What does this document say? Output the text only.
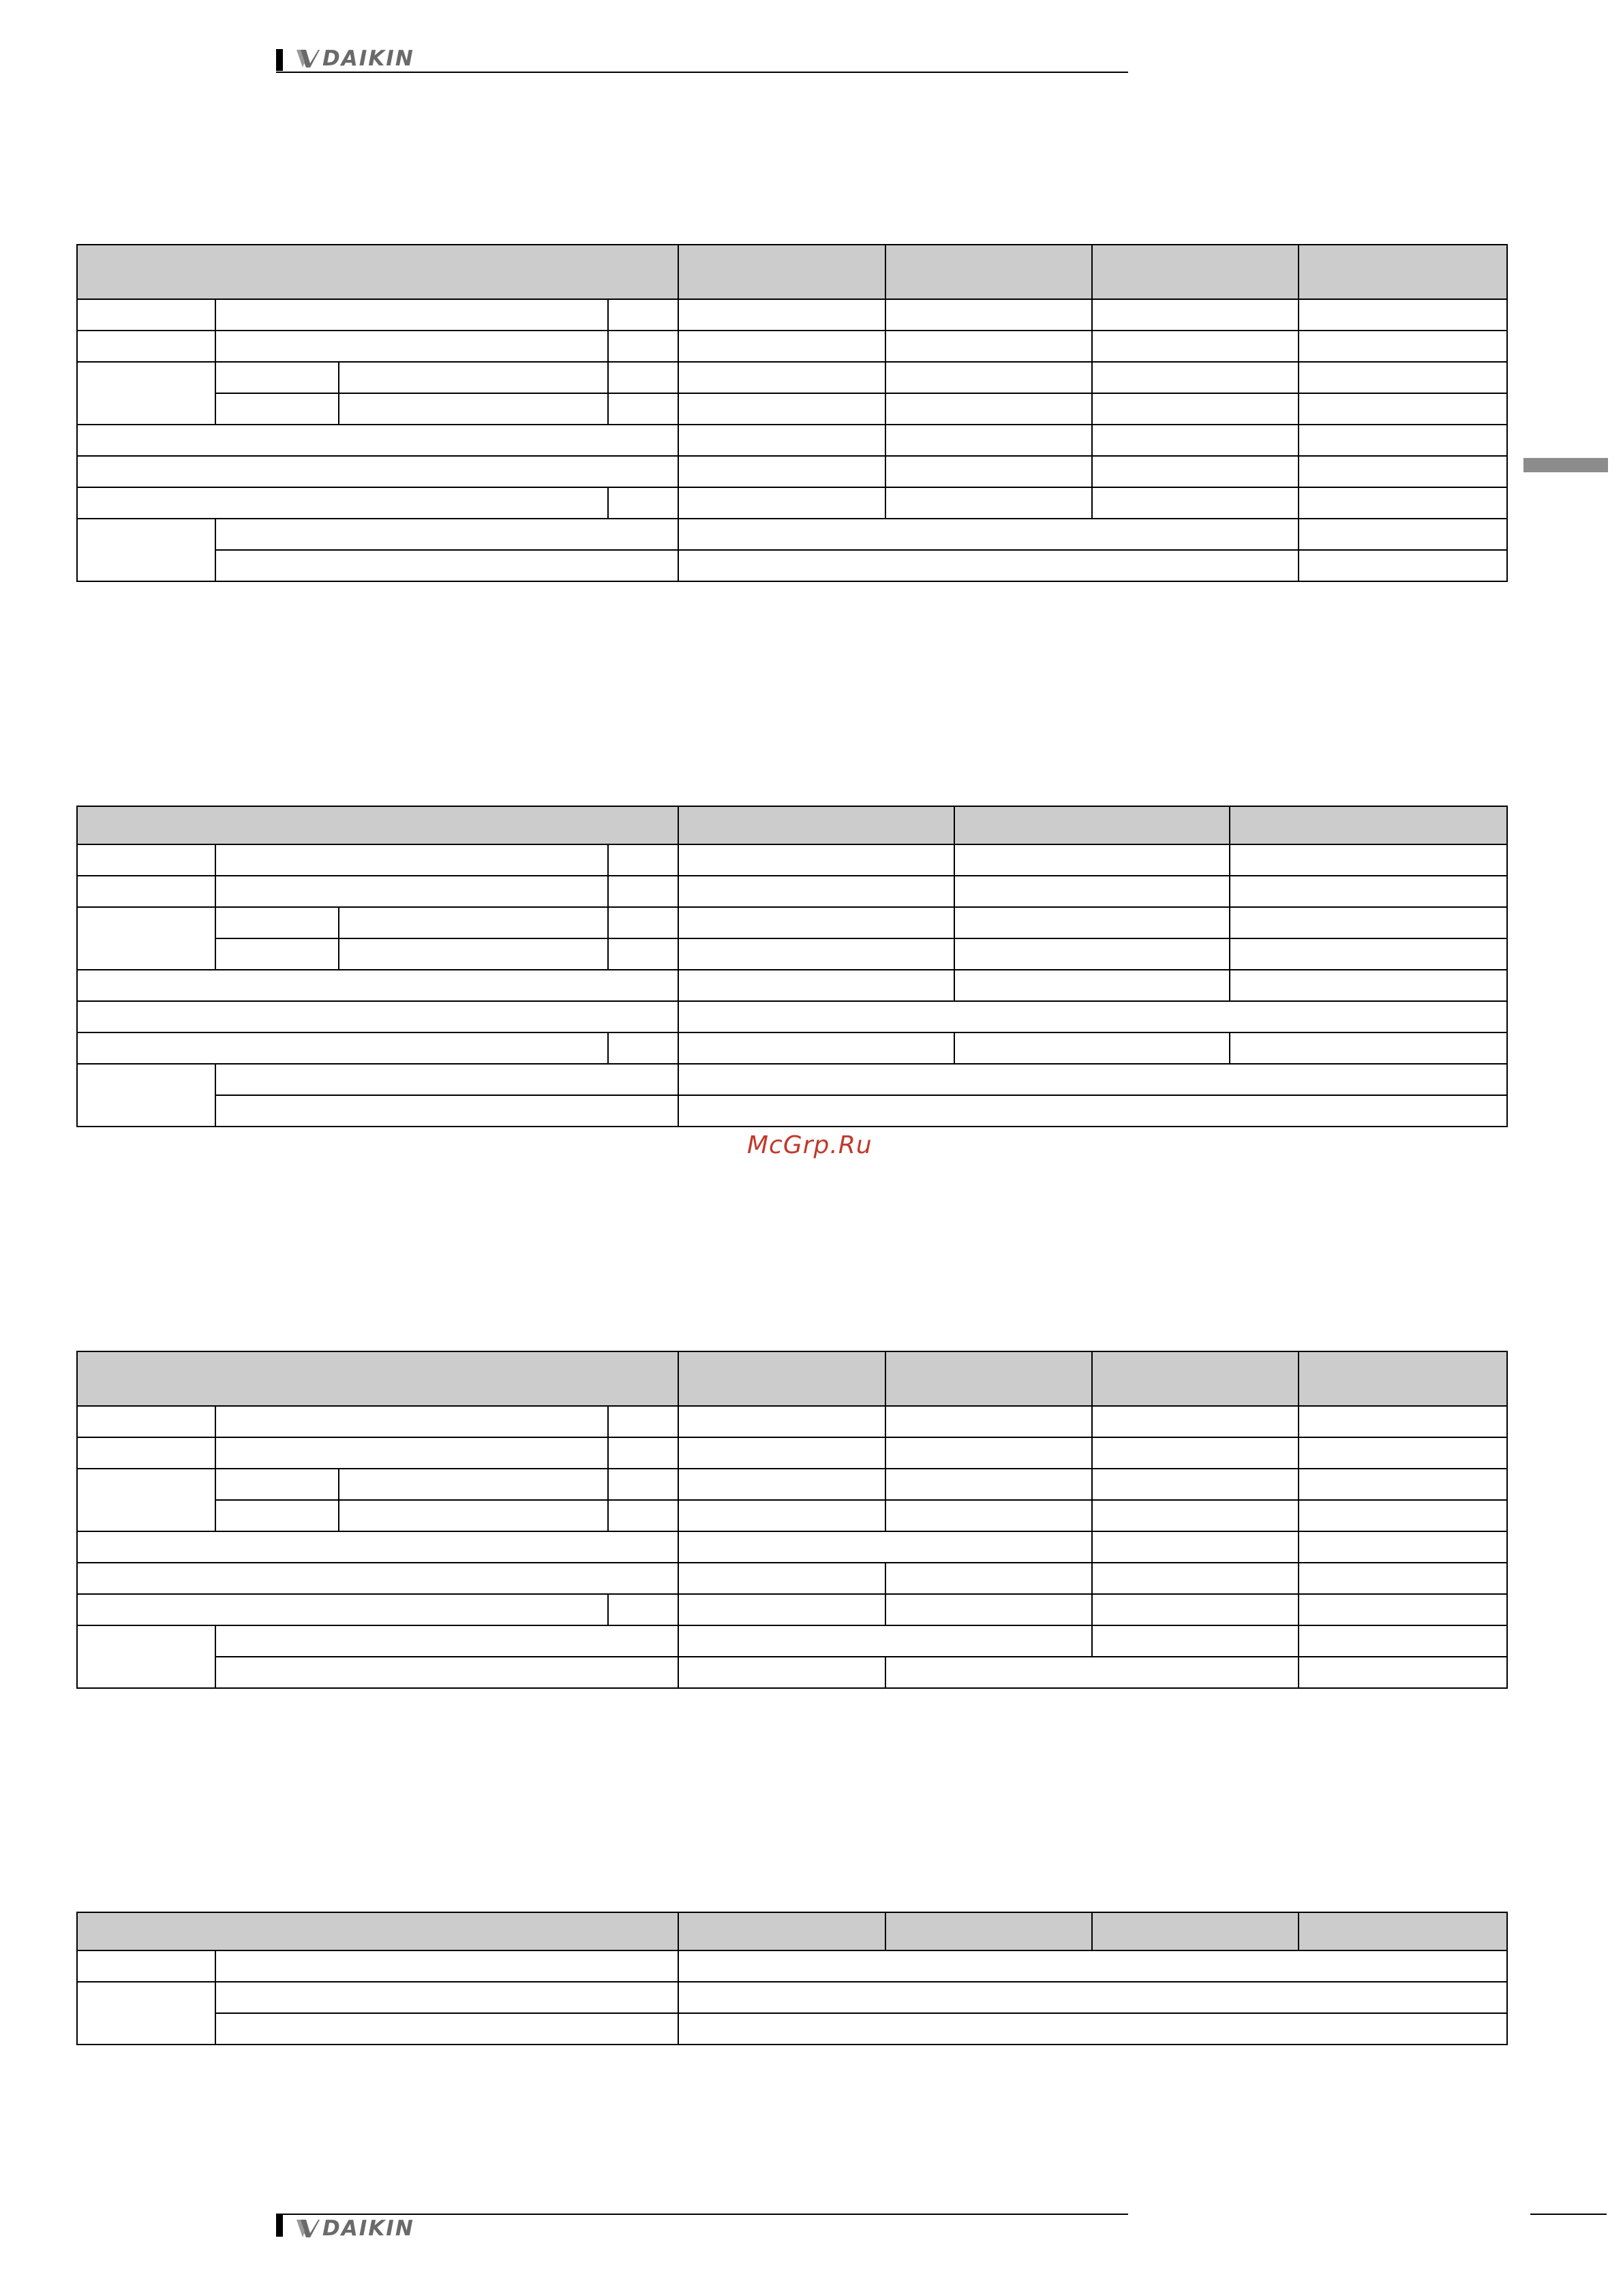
DAIKIN

McGrp.Ru

DAIKIN
